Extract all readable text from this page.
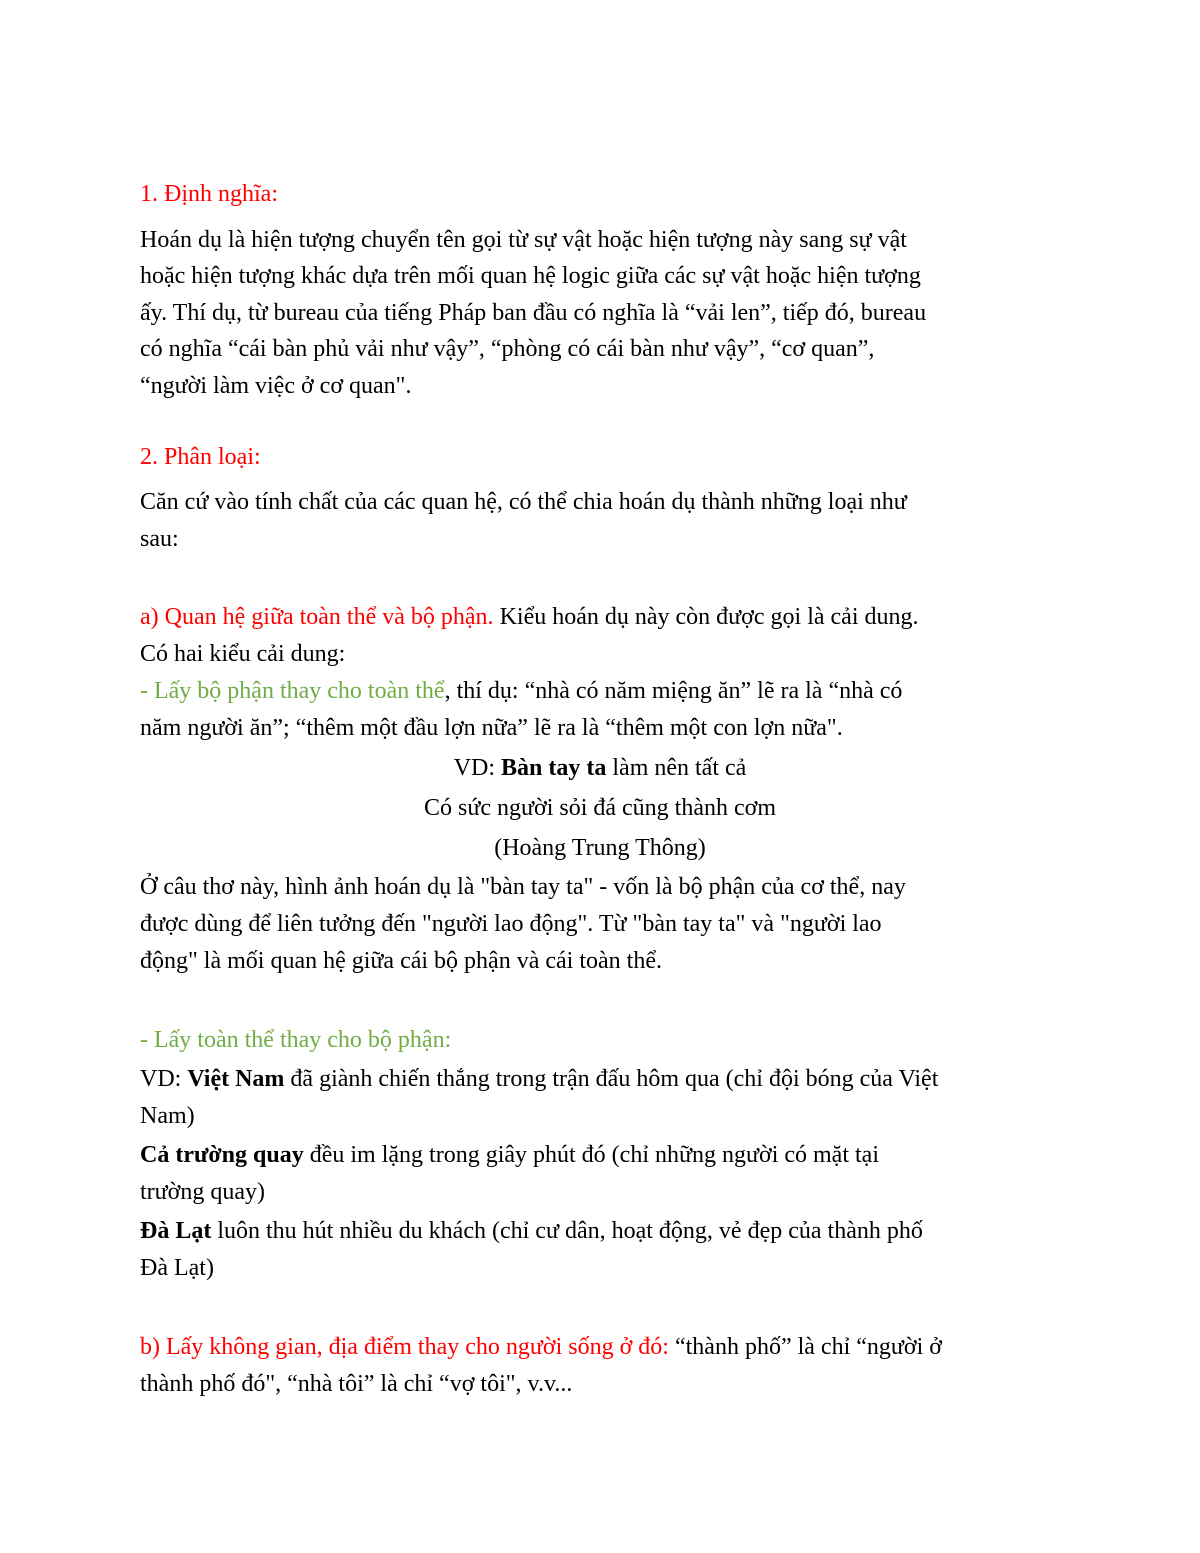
1. Định nghĩa:
Hoán dụ là hiện tượng chuyển tên gọi từ sự vật hoặc hiện tượng này sang sự vật
hoặc hiện tượng khác dựa trên mối quan hệ logic giữa các sự vật hoặc hiện tượng
ấy. Thí dụ, từ bureau của tiếng Pháp ban đầu có nghĩa là “vải len”, tiếp đó, bureau
có nghĩa “cái bàn phủ vải như vậy”, “phòng có cái bàn như vậy”, “cơ quan”,
“người làm việc ở cơ quan".
2. Phân loại:
Căn cứ vào tính chất của các quan hệ, có thể chia hoán dụ thành những loại như
sau:
a) Quan hệ giữa toàn thể và bộ phận. Kiểu hoán dụ này còn được gọi là cải dung.
Có hai kiểu cải dung:
- Lấy bộ phận thay cho toàn thể, thí dụ: “nhà có năm miệng ăn” lẽ ra là “nhà có
năm người ăn”; “thêm một đầu lợn nữa” lẽ ra là “thêm một con lợn nữa".
VD: Bàn tay ta làm nên tất cả
Có sức người sỏi đá cũng thành cơm
(Hoàng Trung Thông)
Ở câu thơ này, hình ảnh hoán dụ là "bàn tay ta" - vốn là bộ phận của cơ thể, nay
được dùng để liên tưởng đến "người lao động". Từ "bàn tay ta" và "người lao
động" là mối quan hệ giữa cái bộ phận và cái toàn thể.
- Lấy toàn thể thay cho bộ phận:
VD: Việt Nam đã giành chiến thắng trong trận đấu hôm qua (chỉ đội bóng của Việt
Nam)
Cả trường quay đều im lặng trong giây phút đó (chỉ những người có mặt tại
trường quay)
Đà Lạt luôn thu hút nhiều du khách (chỉ cư dân, hoạt động, vẻ đẹp của thành phố
Đà Lạt)
b) Lấy không gian, địa điểm thay cho người sống ở đó: “thành phố” là chỉ “người ở
thành phố đó", “nhà tôi” là chỉ “vợ tôi", v.v...
